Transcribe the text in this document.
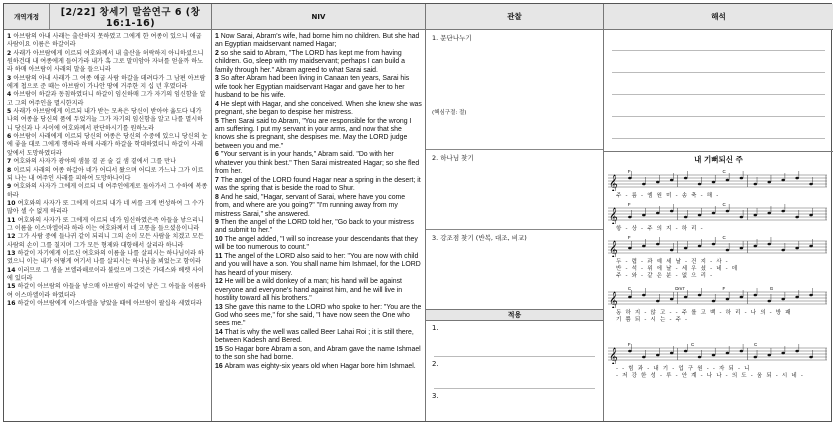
개역개정	[2/22] 창세기 말씀연구 6 (창 16:1-16)

1 아브람의 아내 사래는 출산하지 못하였고 그에게 한 여종이 있으니 애굽 사람이요 이름은 하갈이라

2 사래가 아브람에게 이르되 여호와께서 내 출산을 허락하지 아니하셨으니 원하건대 내 여종에게 들어가라 내가 혹 그로 말미암아 자녀를 얻을까 하노라 하매 아브람이 사래의 말을 들으니라

3 아브람의 아내 사래가 그 여종 애굽 사람 하갈을 데려다가 그 남편 아브람에게 첩으로 준 때는 아브람이 가나안 땅에 거주한 지 십 년 후였더라

4 아브람이 하갈과 동침하였더니 하갈이 임신하매 그가 자기의 임신함을 알고 그의 여주인을 멸시한지라

5 사래가 아브람에게 이르되 내가 받는 모욕은 당신이 받아야 옳도다 내가 나의 여종을 당신의 품에 두었거늘 그가 자기의 임신함을 알고 나를 멸시하니 당신과 나 사이에 여호와께서 판단하시기를 원하노라

6 아브람이 사래에게 이르되 당신의 여종은 당신의 수중에 있으니 당신의 눈에 좋을 대로 그에게 행하라 하매 사래가 하갈을 학대하였더니 하갈이 사래 앞에서 도망하였더라

7 여호와의 사자가 광야의 샘물 곁 곧 술 길 샘 곁에서 그를 만나

8 이르되 사래의 여종 하갈아 네가 어디서 왔으며 어디로 가느냐 그가 이르되 나는 내 여주인 사래를 피하여 도망하나이다

9 여호와의 사자가 그에게 이르되 네 여주인에게로 돌아가서 그 수하에 복종하라

10 여호와의 사자가 또 그에게 이르되 내가 네 씨를 크게 번성하여 그 수가 많아 셀 수 없게 하리라

11 여호와의 사자가 또 그에게 이르되 네가 임신하였은즉 아들을 낳으리니 그 이름을 이스마엘이라 하라 이는 여호와께서 네 고통을 들으셨음이니라

12 그가 사람 중에 들나귀 같이 되리니 그의 손이 모든 사람을 치겠고 모든 사람의 손이 그를 칠지며 그가 모든 형제와 대항해서 살리라 하니라

13 하갈이 자기에게 이르신 여호와의 이름을 나를 살피시는 하나님이라 하였으니 이는 내가 어떻게 여기서 나를 살피시는 하나님을 뵈었는고 함이라

14 이러므로 그 샘을 브엘라해로이라 불렀으며 그것은 가데스와 베렛 사이에 있더라

15 하갈이 아브람의 아들을 낳으매 아브람이 하갈이 낳은 그 아들을 이름하여 이스마엘이라 하였더라

16 하갈이 아브람에게 이스마엘을 낳았을 때에 아브람이 팔십육 세였더라

NIV

1 Now Sarai, Abram's wife, had borne him no children. But she had an Egyptian maidservant named Hagar;

2 so she said to Abram, "The LORD has kept me from having children. Go, sleep with my maidservant; perhaps I can build a family through her." Abram agreed to what Sarai said.

3 So after Abram had been living in Canaan ten years, Sarai his wife took her Egyptian maidservant Hagar and gave her to her husband to be his wife.

4 He slept with Hagar, and she conceived. When she knew she was pregnant, she began to despise her mistress.

5 Then Sarai said to Abram, "You are responsible for the wrong I am suffering. I put my servant in your arms, and now that she knows she is pregnant, she despises me. May the LORD judge between you and me."

6 "Your servant is in your hands," Abram said. "Do with her whatever you think best." Then Sarai mistreated Hagar; so she fled from her.

7 The angel of the LORD found Hagar near a spring in the desert; it was the spring that is beside the road to Shur.

8 And he said, "Hagar, servant of Sarai, where have you come from, and where are you going?" "I'm running away from my mistress Sarai," she answered.

9 Then the angel of the LORD told her, "Go back to your mistress and submit to her."

10 The angel added, "I will so increase your descendants that they will be too numerous to count."

11 The angel of the LORD also said to her: "You are now with child and you will have a son. You shall name him Ishmael, for the LORD has heard of your misery.

12 He will be a wild donkey of a man; his hand will be against everyone and everyone's hand against him, and he will live in hostility toward all his brothers."

13 She gave this name to the LORD who spoke to her: "You are the God who sees me," for she said, "I have now seen the One who sees me."

14 That is why the well was called Beer Lahai Roi ; it is still there, between Kadesh and Bered.

15 So Hagar bore Abram a son, and Abram gave the name Ishmael to the son she had borne.

16 Abram was eighty-six years old when Hagar bore him Ishmael.

관찰
1. 문단나누기
(핵심구절: 절)
2. 하나님 찾기
3. 강조점 찾기 (반복, 대조, 비교)
적용
1.
2.
3.
해석
내 기뻐되신 주
𝄞
F	C
주 - 름 - 엠 원 미 - 송 축 - 해 -
𝄞
F	C
항 - 상 - 주 의 지 - 하 리 -
𝄞
F	C
두 - 렵 - 과 예 세 날 - 건 지 - 사 -
반 - 석 - 위 에 날 - 세 우 셨 - 네 - 데
주 - 와 - 같 은 분 - 없 으 리 -
𝄞
C	Dm7	F	G
동 하 지 - 않 고 - - 주 를 고 백 - 하 리 - 나 의 - 방 패
기 쁨 되 - 시 는 - 주 -
𝄞
F	C	C
- - 힘 과 - 내 기 - 업 구 원 - - 자 되 - 니
- 저 강 한 성 - 루 - 안 계 - 나 나 - 의 도 - 움 되 - 시 네 -
